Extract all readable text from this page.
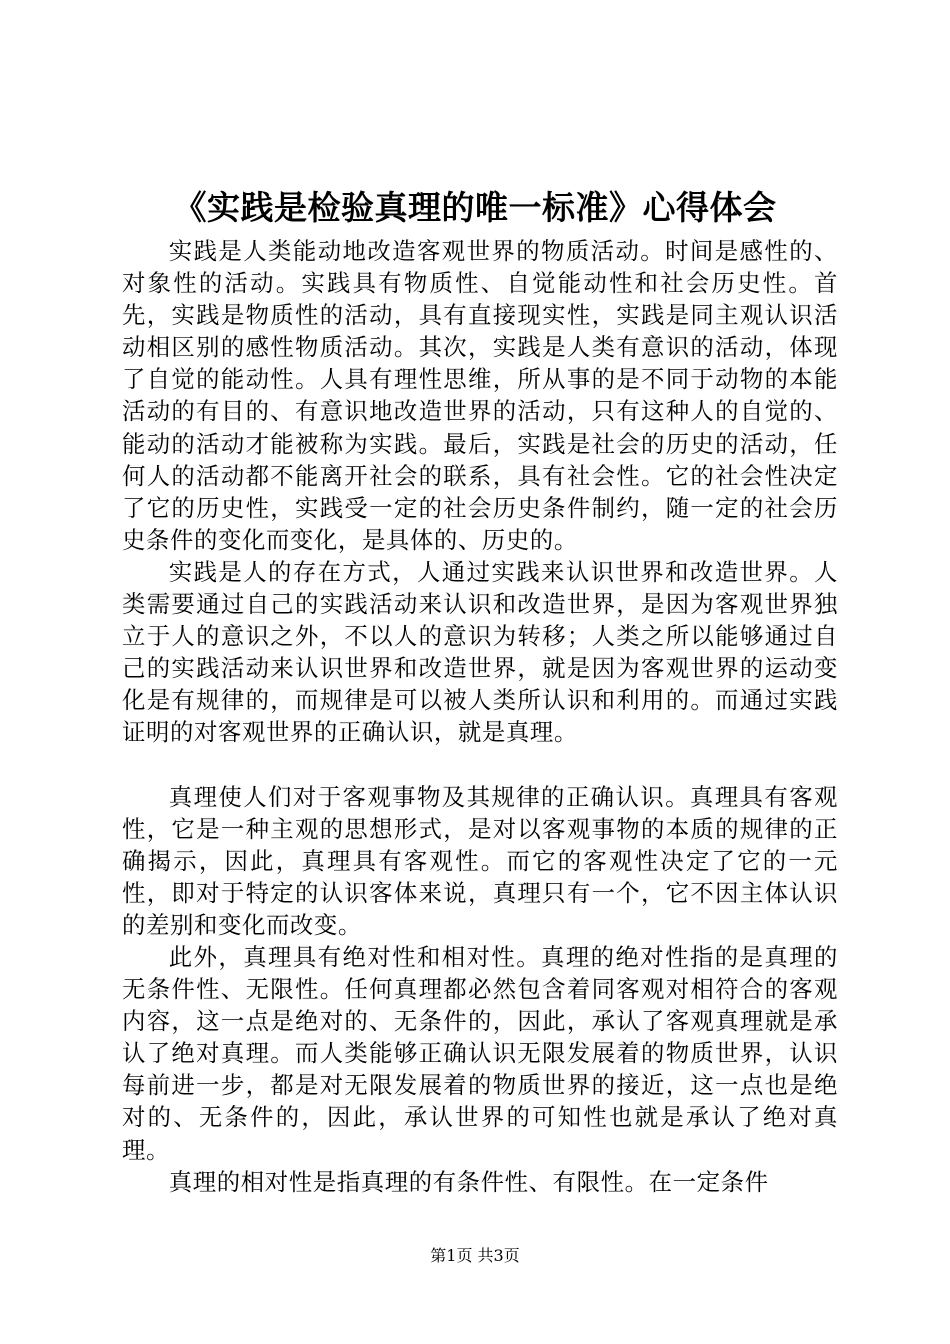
《实践是检验真理的唯一标准》心得体会

实践是人类能动地改造客观世界的物质活动。时间是感性的、对象性的活动。实践具有物质性、自觉能动性和社会历史性。首先，实践是物质性的活动，具有直接现实性，实践是同主观认识活动相区别的感性物质活动。其次，实践是人类有意识的活动，体现了自觉的能动性。人具有理性思维，所从事的是不同于动物的本能活动的有目的、有意识地改造世界的活动，只有这种人的自觉的、能动的活动才能被称为实践。最后，实践是社会的历史的活动，任何人的活动都不能离开社会的联系，具有社会性。它的社会性决定了它的历史性，实践受一定的社会历史条件制约，随一定的社会历史条件的变化而变化，是具体的、历史的。

实践是人的存在方式，人通过实践来认识世界和改造世界。人类需要通过自己的实践活动来认识和改造世界，是因为客观世界独立于人的意识之外，不以人的意识为转移；人类之所以能够通过自己的实践活动来认识世界和改造世界，就是因为客观世界的运动变化是有规律的，而规律是可以被人类所认识和利用的。而通过实践证明的对客观世界的正确认识，就是真理。

真理使人们对于客观事物及其规律的正确认识。真理具有客观性，它是一种主观的思想形式，是对以客观事物的本质的规律的正确揭示，因此，真理具有客观性。而它的客观性决定了它的一元性，即对于特定的认识客体来说，真理只有一个，它不因主体认识的差别和变化而改变。

此外，真理具有绝对性和相对性。真理的绝对性指的是真理的无条件性、无限性。任何真理都必然包含着同客观对相符合的客观内容，这一点是绝对的、无条件的，因此，承认了客观真理就是承认了绝对真理。而人类能够正确认识无限发展着的物质世界，认识每前进一步，都是对无限发展着的物质世界的接近，这一点也是绝对的、无条件的，因此，承认世界的可知性也就是承认了绝对真理。

真理的相对性是指真理的有条件性、有限性。在一定条件

第1页 共3页
